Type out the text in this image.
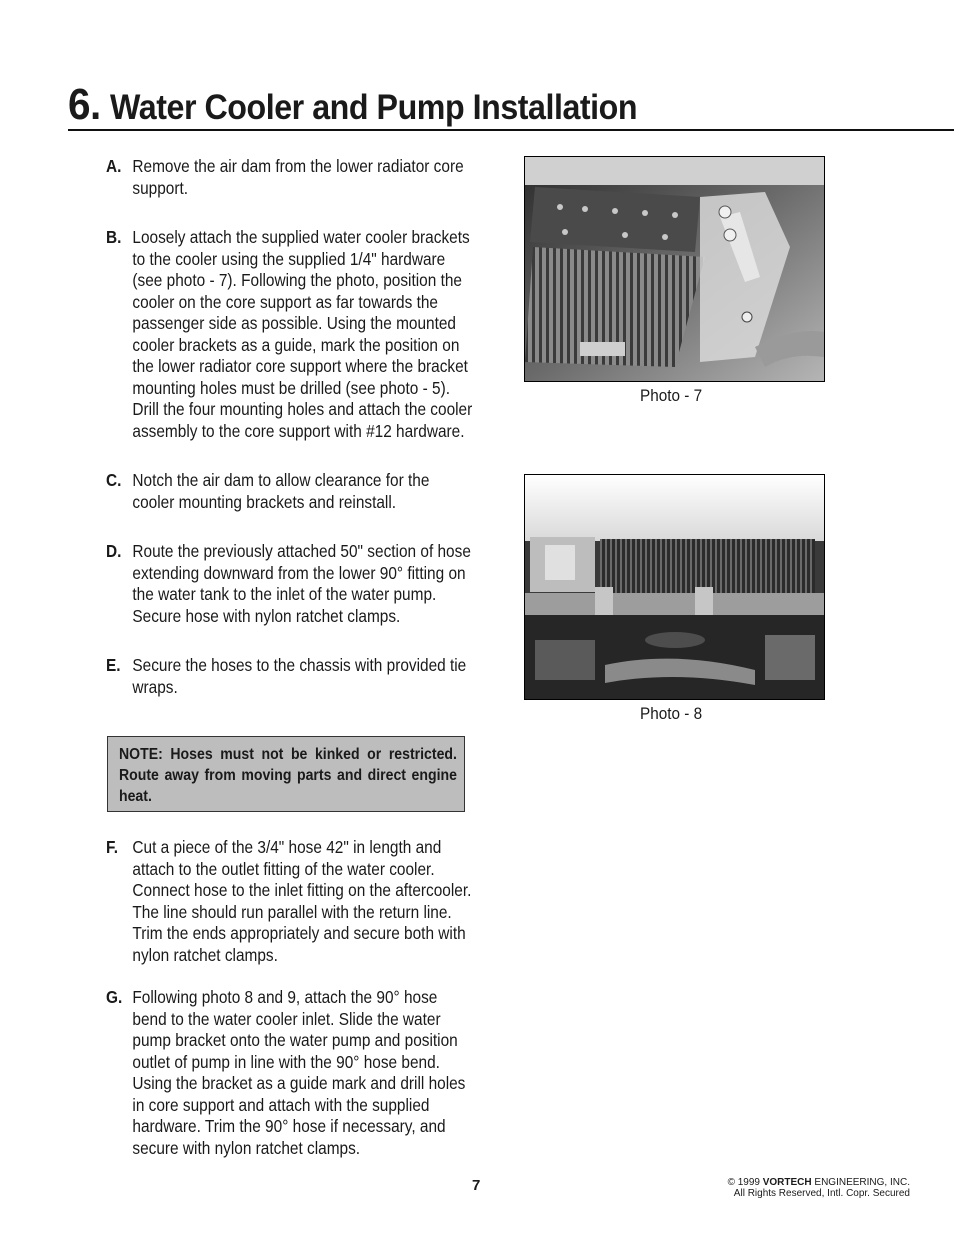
6. Water Cooler and Pump Installation
A. Remove the air dam from the lower radiator core support.
B. Loosely attach the supplied water cooler brackets to the cooler using the supplied 1/4" hardware (see photo - 7). Following the photo, position the cooler on the core support as far towards the passenger side as possible. Using the mounted cooler brackets as a guide, mark the position on the lower radiator core support where the bracket mounting holes must be drilled (see photo - 5). Drill the four mounting holes and attach the cooler assembly to the core support with #12 hardware.
C. Notch the air dam to allow clearance for the cooler mounting brackets and reinstall.
D. Route the previously attached 50" section of hose extending downward from the lower 90° fitting on the water tank to the inlet of the water pump. Secure hose with nylon ratchet clamps.
E. Secure the hoses to the chassis with provided tie wraps.
NOTE: Hoses must not be kinked or restricted. Route away from moving parts and direct engine heat.
F. Cut a piece of the 3/4" hose 42" in length and attach to the outlet fitting of the water cooler. Connect hose to the inlet fitting on the aftercooler. The line should run parallel with the return line. Trim the ends appropriately and secure both with nylon ratchet clamps.
G. Following photo 8 and 9, attach the 90° hose bend to the water cooler inlet. Slide the water pump bracket onto the water pump and position outlet of pump in line with the 90° hose bend. Using the bracket as a guide mark and drill holes in core support and attach with the supplied hardware. Trim the 90° hose if necessary, and secure with nylon ratchet clamps.
Photo - 7
Photo - 8
7	© 1999 VORTECH ENGINEERING, INC.
All Rights Reserved, Intl. Copr. Secured
